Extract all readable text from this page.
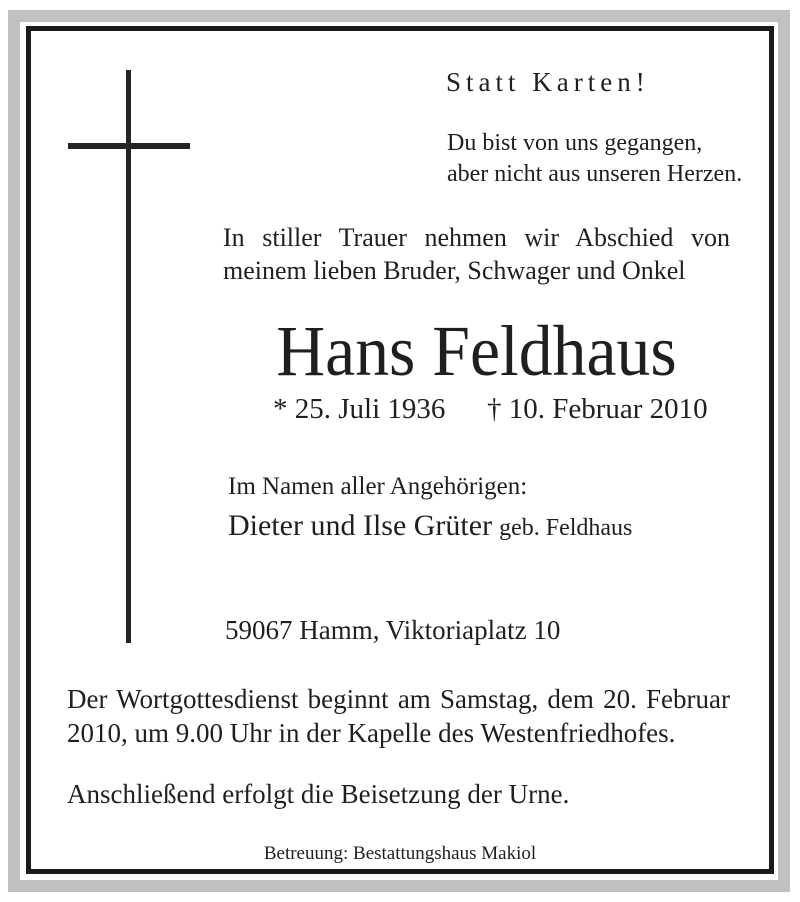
Statt Karten!
Du bist von uns gegangen,
aber nicht aus unseren Herzen.
In stiller Trauer nehmen wir Abschied von
meinem lieben Bruder, Schwager und Onkel
Hans Feldhaus
* 25. Juli 1936 † 10. Februar 2010
Im Namen aller Angehörigen:
Dieter und Ilse Grüter geb. Feldhaus
59067 Hamm, Viktoriaplatz 10
Der Wortgottesdienst beginnt am Samstag, dem 20. Februar
2010, um 9.00 Uhr in der Kapelle des Westenfriedhofes.
Anschließend erfolgt die Beisetzung der Urne.
Betreuung: Bestattungshaus Makiol
